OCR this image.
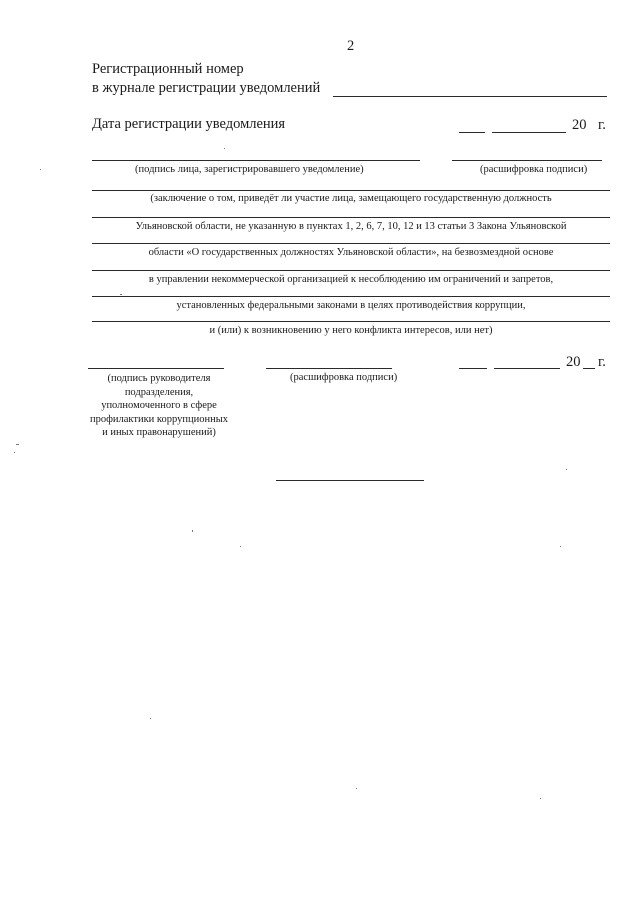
2
Регистрационный номер
в журнале регистрации уведомлений
Дата регистрации уведомления	20 г.
(подпись лица, зарегистрировавшего уведомление)	(расшифровка подписи)
(заключение о том, приведёт ли участие лица, замещающего государственную должность
Ульяновской области, не указанную в пунктах 1, 2, 6, 7, 10, 12 и 13 статьи 3 Закона Ульяновской
области «О государственных должностях Ульяновской области», на безвозмездной основе
в управлении некоммерческой организацией к несоблюдению им ограничений и запретов,
установленных федеральными законами в целях противодействия коррупции,
и (или) к возникновению у него конфликта интересов, или нет)
20 г.
(подпись руководителя
подразделения,
уполномоченного в сфере
профилактики коррупционных
и иных правонарушений)
(расшифровка подписи)
